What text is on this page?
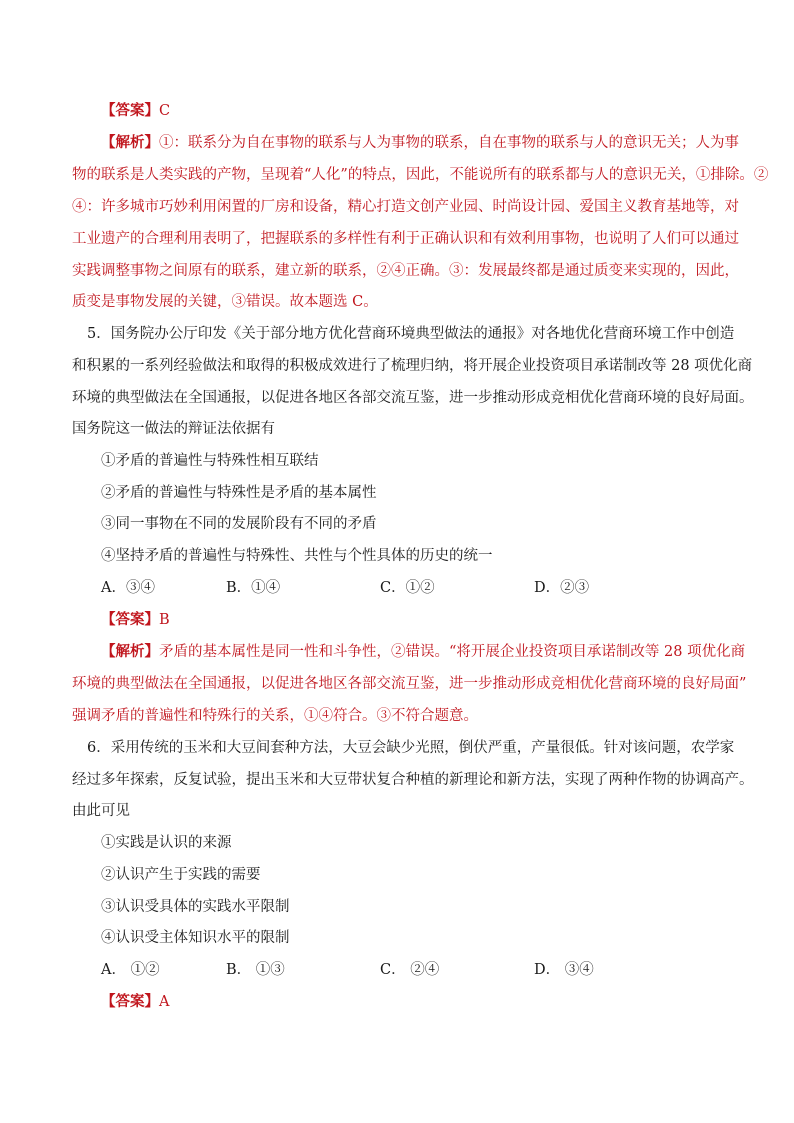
【答案】C
【解析】①：联系分为自在事物的联系与人为事物的联系，自在事物的联系与人的意识无关；人为事
物的联系是人类实践的产物，呈现着“人化”的特点，因此，不能说所有的联系都与人的意识无关，①排除。②
④：许多城市巧妙利用闲置的厂房和设备，精心打造文创产业园、时尚设计园、爱国主义教育基地等，对
工业遗产的合理利用表明了，把握联系的多样性有利于正确认识和有效利用事物，也说明了人们可以通过
实践调整事物之间原有的联系，建立新的联系，②④正确。③：发展最终都是通过质变来实现的，因此，
质变是事物发展的关键，③错误。故本题选 C。
5．国务院办公厅印发《关于部分地方优化营商环境典型做法的通报》对各地优化营商环境工作中创造
和积累的一系列经验做法和取得的积极成效进行了梳理归纳，将开展企业投资项目承诺制改等 28 项优化商
环境的典型做法在全国通报，以促进各地区各部交流互鉴，进一步推动形成竞相优化营商环境的良好局面。
国务院这一做法的辩证法依据有
①矛盾的普遍性与特殊性相互联结
②矛盾的普遍性与特殊性是矛盾的基本属性
③同一事物在不同的发展阶段有不同的矛盾
④坚持矛盾的普遍性与特殊性、共性与个性具体的历史的统一
A．③④	B．①④	C．①②	D．②③
【答案】B
【解析】矛盾的基本属性是同一性和斗争性，②错误。“将开展企业投资项目承诺制改等 28 项优化商
环境的典型做法在全国通报，以促进各地区各部交流互鉴，进一步推动形成竞相优化营商环境的良好局面”
强调矛盾的普遍性和特殊行的关系，①④符合。③不符合题意。
6．采用传统的玉米和大豆间套种方法，大豆会缺少光照，倒伏严重，产量很低。针对该问题，农学家
经过多年探索，反复试验，提出玉米和大豆带状复合种植的新理论和新方法，实现了两种作物的协调高产。
由此可见
①实践是认识的来源
②认识产生于实践的需要
③认识受具体的实践水平限制
④认识受主体知识水平的限制
A． ①②	B． ①③	C． ②④	D． ③④
【答案】A
